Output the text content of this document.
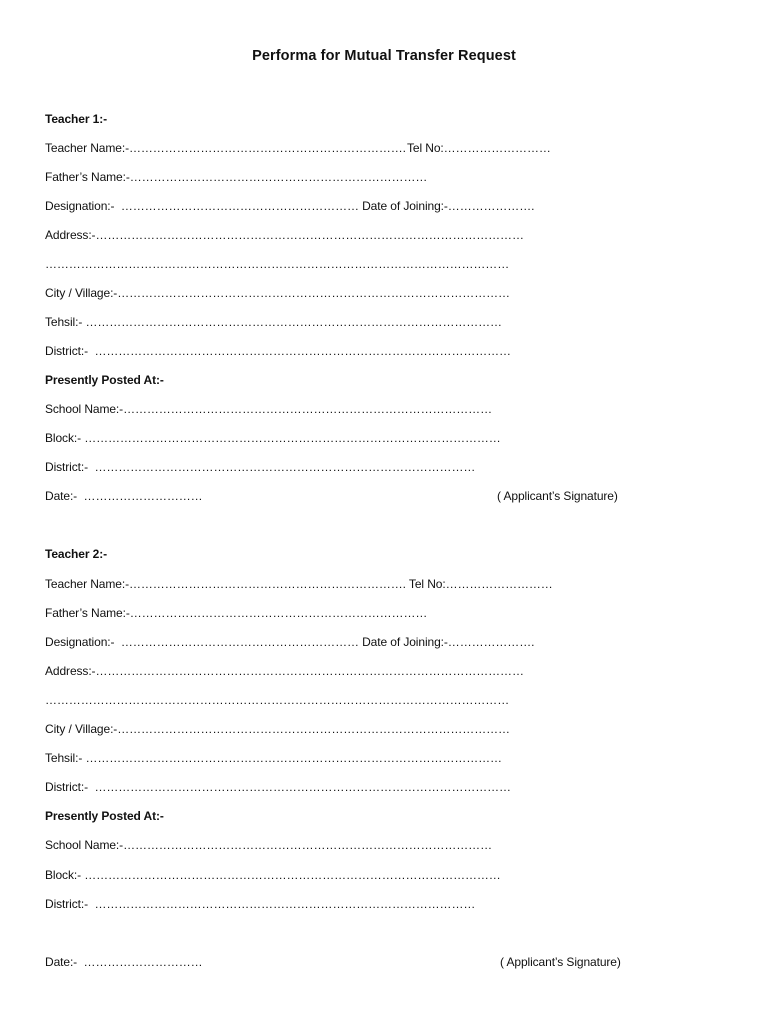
Performa for Mutual Transfer Request
Teacher 1:-
Teacher Name:-……………………………………………………………. Tel No:………………………
Father’s Name:-…………………………………………………………………
Designation:-  …………………………………………………… Date of Joining:-………………….
Address:-………………………………………………………………………………………………
………………………………………………………………………………………………………
City / Village:-………………………………………………………………………………………
Tehsil:- ……………………………………………………………………………………………
District:-  ……………………………………………………………………………………………
Presently Posted At:-
School Name:-…………………………………………………………………………………
Block:- ……………………………………………………………………………………………
District:-  ……………………………………………………………………………………
Date:-  …………………………	( Applicant’s Signature)
Teacher 2:-
Teacher Name:-……………………………………………………………. Tel No:………………………
Father’s Name:-…………………………………………………………………
Designation:-  …………………………………………………… Date of Joining:-………………….
Address:-………………………………………………………………………………………………
………………………………………………………………………………………………………
City / Village:-………………………………………………………………………………………
Tehsil:- ……………………………………………………………………………………………
District:-  ……………………………………………………………………………………………
Presently Posted At:-
School Name:-…………………………………………………………………………………
Block:- ……………………………………………………………………………………………
District:-  ……………………………………………………………………………………
Date:-  …………………………	( Applicant’s Signature)
